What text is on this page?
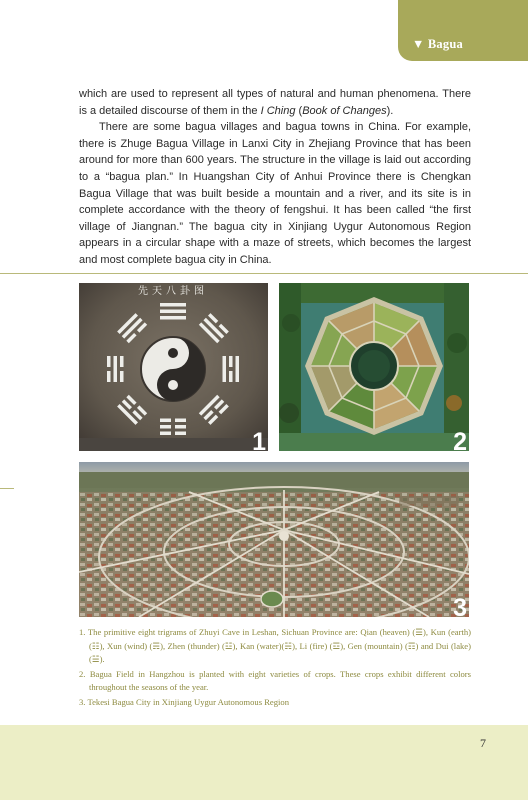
▼ Bagua

which are used to represent all types of natural and human phenomena. There is a detailed discourse of them in the I Ching (Book of Changes).

There are some bagua villages and bagua towns in China. For example, there is Zhuge Bagua Village in Lanxi City in Zhejiang Province that has been around for more than 600 years. The structure in the village is laid out according to a “bagua plan.” In Huangshan City of Anhui Province there is Chengkan Bagua Village that was built beside a mountain and a river, and its site is in complete accordance with the theory of fengshui. It has been called “the first village of Jiangnan.” The bagua city in Xinjiang Uygur Autonomous Region appears in a circular shape with a maze of streets, which becomes the largest and most complete bagua city in China.

先天八卦图
1	2
3

1. The primitive eight trigrams of Zhuyi Cave in Leshan, Sichuan Province are: Qian (heaven) (☰), Kun (earth) (☷), Xun (wind) (☴), Zhen (thunder) (☳), Kan (water)(☵), Li (fire) (☲), Gen (mountain) (☶) and Dui (lake) (☱).

2. Bagua Field in Hangzhou is planted with eight varieties of crops. These crops exhibit different colors throughout the seasons of the year.

3. Tekesi Bagua City in Xinjiang Uygur Autonomous Region

7
